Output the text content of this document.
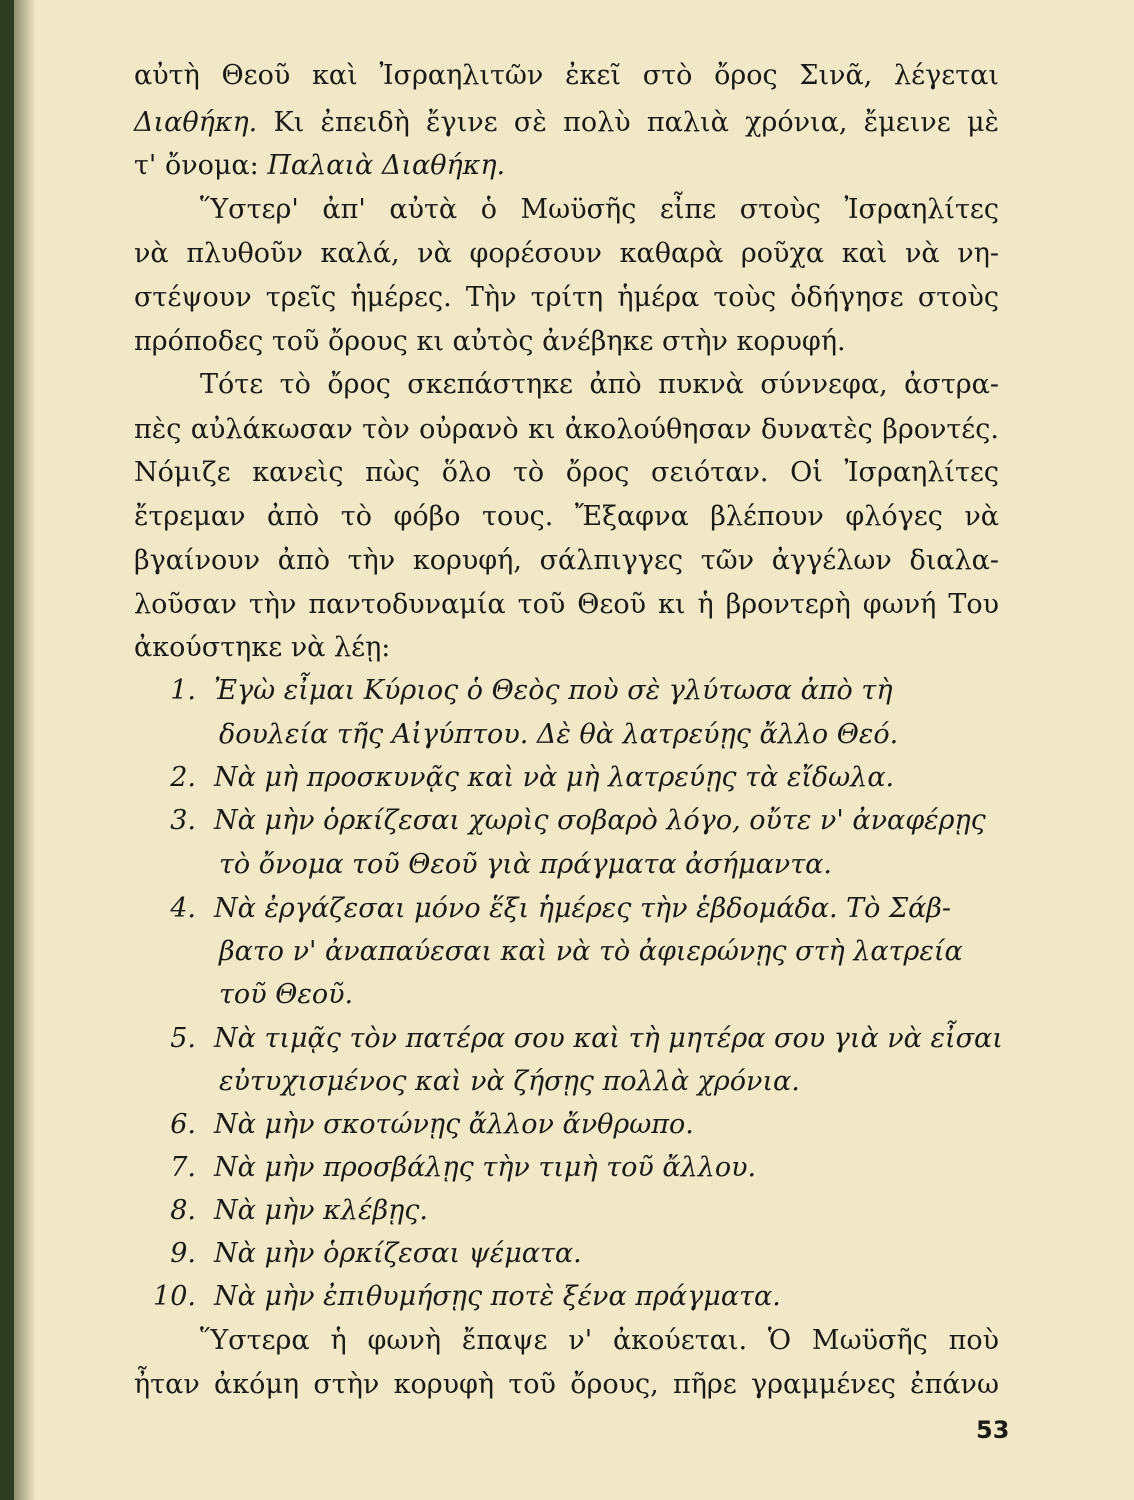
αὐτὴ Θεοῦ καὶ Ἰσραηλιτῶν ἐκεῖ στὸ ὄρος Σινᾶ, λέγεται

Διαθήκη. Κι ἐπειδὴ ἔγινε σὲ πολὺ παλιὰ χρόνια, ἔμεινε μὲ

τ' ὄνομα: Παλαιὰ Διαθήκη.

Ὕστερ' ἀπ' αὐτὰ ὁ Μωϋσῆς εἶπε στοὺς Ἰσραηλίτες

νὰ πλυθοῦν καλά, νὰ φορέσουν καθαρὰ ροῦχα καὶ νὰ νη-

στέψουν τρεῖς ἡμέρες. Τὴν τρίτη ἡμέρα τοὺς ὁδήγησε στοὺς

πρόποδες τοῦ ὄρους κι αὐτὸς ἀνέβηκε στὴν κορυφή.

Τότε τὸ ὄρος σκεπάστηκε ἀπὸ πυκνὰ σύννεφα, ἀστρα-

πὲς αὐλάκωσαν τὸν οὐρανὸ κι ἀκολούθησαν δυνατὲς βροντές.

Νόμιζε κανεὶς πὼς ὅλο τὸ ὄρος σειόταν. Οἱ Ἰσραηλίτες

ἔτρεμαν ἀπὸ τὸ φόβο τους. Ἔξαφνα βλέπουν φλόγες νὰ

βγαίνουν ἀπὸ τὴν κορυφή, σάλπιγγες τῶν ἀγγέλων διαλα-

λοῦσαν τὴν παντοδυναμία τοῦ Θεοῦ κι ἡ βροντερὴ φωνή Του

ἀκούστηκε νὰ λέῃ:

1. Ἐγὼ εἶμαι Κύριος ὁ Θεὸς ποὺ σὲ γλύτωσα ἀπὸ τὴ

δουλεία τῆς Αἰγύπτου. Δὲ θὰ λατρεύῃς ἄλλο Θεό.

2. Νὰ μὴ προσκυνᾷς καὶ νὰ μὴ λατρεύῃς τὰ εἴδωλα.

3. Νὰ μὴν ὁρκίζεσαι χωρὶς σοβαρὸ λόγο, οὔτε ν' ἀναφέρῃς

τὸ ὄνομα τοῦ Θεοῦ γιὰ πράγματα ἀσήμαντα.

4. Νὰ ἐργάζεσαι μόνο ἕξι ἡμέρες τὴν ἑβδομάδα. Τὸ Σάβ-

βατο ν' ἀναπαύεσαι καὶ νὰ τὸ ἀφιερώνῃς στὴ λατρεία

τοῦ Θεοῦ.

5. Νὰ τιμᾷς τὸν πατέρα σου καὶ τὴ μητέρα σου γιὰ νὰ εἶσαι

εὐτυχισμένος καὶ νὰ ζήσῃς πολλὰ χρόνια.

6. Νὰ μὴν σκοτώνῃς ἄλλον ἄνθρωπο.

7. Νὰ μὴν προσβάλῃς τὴν τιμὴ τοῦ ἄλλου.

8. Νὰ μὴν κλέβῃς.

9. Νὰ μὴν ὁρκίζεσαι ψέματα.

10. Νὰ μὴν ἐπιθυμήσῃς ποτὲ ξένα πράγματα.

Ὕστερα ἡ φωνὴ ἔπαψε ν' ἀκούεται. Ὁ Μωϋσῆς ποὺ

ἦταν ἀκόμη στὴν κορυφὴ τοῦ ὄρους, πῆρε γραμμένες ἐπάνω

53
